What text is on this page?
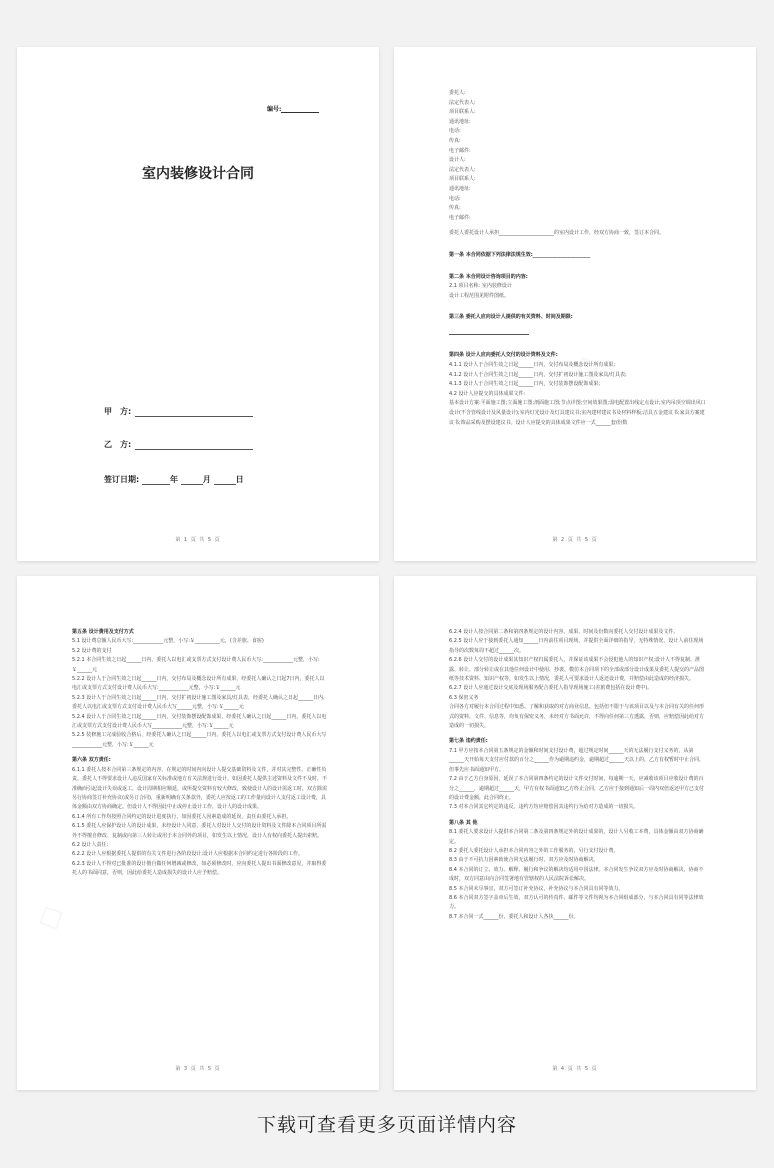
编号:
室内装修设计合同
甲　方:
乙　方:
签订日期:	年	月	日
第 1 页 共 5 页

委托人:

法定代表人:

项目联系人:

通讯地址:

电话:

传真:

电子邮件:

设计人:

法定代表人:

项目联系人:

通讯地址:

电话:

传真:

电子邮件:

委托人委托设计人承担______________________的室内设计工作，经双方协商一致，签订本合同。

第一条 本合同依据下列法律法规生效:_______________________

第二条 本合同设计咨询项目的内容:

2.1 项目名称: 室内装修设计

设计工程范围见附件图纸。

第三条 委托人应向设计人提供的有关资料、时间及期限:

第四条 设计人应向委托人交付的设计资料及文件:

4.1.1 设计人于合同生效之日起______日内，交付布局及概念设计所有成果;

4.1.2 设计人于合同生效之日起______日内，交付扩初设计施工图及家具/灯具表;

4.1.3 设计人于合同生效之日起______日内，交付装饰摆设配饰成果;

4.2 设计人应提交的具体成果文件:

基本设计方案:平面施工图;立面施工图;剖面施工图;节点详图;空间效果图;弱电配置出线定点设计;室内吊顶空调出风口设计(不含管线设计及风量设计);室内灯光设计及灯具建议书;室内建材建议书及材料样板;洁具五金建议书;家具方案建议书;饰品采购及摆设建议书。设计人应提交的具体成果文件应一式______套/份数

第 2 页 共 5 页

第五条 设计费用及支付方式

5.1 设计费总额人民币大写:____________元整，小写:￥__________元，(含差旅、食宿)

5.2 设计费的支付

5.2.1 本合同生效之日起______日内，委托人以电汇或支票方式支付设计费人民币大写:____________元整，小写:￥______元

5.2.2 设计人于合同生效之日起______日内，交付布局及概念设计所有成果，经委托人确认之日起7日内，委托人以电汇或支票方式支付设计费人民币大写:____________元整，小写:￥______元

5.2.3 设计人于合同生效之日起______日内，交付扩初设计施工图及家具/灯具表，经委托人确认之日起______日内，委托人以电汇或支票方式支付设计费人民币大写______元整，小写:￥______元

5.2.4 设计人于合同生效之日起______日内，交付装饰摆设配饰成果，经委托人确认之日起______日内，委托人以电汇或支票方式支付设计费人民币大写____________元整，小写:￥______元

5.2.5 装修施工完成验收合格后，经委托人确认之日起______日内，委托人以电汇或支票方式支付设计费人民币大写____________元整，小写:￥______元

第六条 双方责任:

6.1.1 委托人按本合同第三条规定的内容，在规定的时间内向设计人提交基础资料及文件，并对其完整性、正确性负责。委托人不得要求设计人违反国家有关标准或地方有关法规进行设计。如因委托人提供主述资料及文件不及时，不准确而引起设计失误或返工，设计周期相应顺延，或所提交资料有较大修改，致使设计人的设计需返工时，双方除需另行协商签订补充协议(或另订合同)，重新明确有关条款外，委托人应按返工的工作量向设计人支付返工设计费，具体金额由双方协商确定。但设计人不得因此中止或停止设计工作，设计人的设计成果。

6.1.4 所有工作均按照合同约定的设计进度执行，如因委托人因素造成的延误，责任由委托人承担。

6.1.5 委托人应保护设计人的设计成果，未经设计人同意，委托人对设计人交付的设计资料及文件除本合同项目所需外不得擅自修改、复制或向第三人转让或用于本合同外的项目，如发生以上情况，设计人有权向委托人提出索赔。

6.2 设计人责任:

6.2.2 设计人应根据委托人提供的有关文件进行各阶段设计;设计人应根据本合同约定进行各阶段的工作。

6.2.3 设计人不得对已批准的设计擅自做任何增减或修改，如必须修改时，应向委托人提出书面修改意见，并取得委托人的书面同意，否则，因此给委托人造成损失的设计人应予赔偿。

第 3 页 共 5 页

6.2.4 设计人按合同第二条和第四条规定的设计内容、成果、时间及份数向委托人交付设计成果及文件。

6.2.5 设计人应于接到委托人通知______日内前往项目现场，并提供全面详细的指导，无特殊情况，设计人前往现场指导的次数每周不超过______次。

6.2.6 设计人交付的设计成果其知识产权归属委托人，并保证该成果不会侵犯他人的知识产权;设计人不得复制、泄露、转让、部分转让或在其他任何设计中使用、抄袭、模仿本合同项下的全部或部分设计成果及委托人提交的产品图纸等技术资料、知识产权等，如发生以上情况，委托人可要求设计人返还设计费，并赔偿由此造成的经济损失。

6.2.7 设计人应通过设计交底及现场服务配合委托人指导现场施工(差旅费包括在设计费中)。

6.3 保密义务

合同各方对履行本合同过程中知悉、了解和获取的对方商业信息，包括但不限于与该项目以及与本合同有关的任何形式的资料、文件、信息等，均负有保密义务，未经对方书面允许，不得向任何第三方透露，否则，应赔偿因此给对方造成的一切损失。

第七条 违约责任:

7.1 甲方应按本合同第五条规定的金额和时间支付设计费，超过规定时间______天的无法履行支付义务的，从第______天开始每天支付应付款的百分之______作为逾期违约金，逾期超过______天以上的，乙方有权暂时中止合同，但事先应书面通知甲方。

7.2 由于乙方自身原因，延误了本合同第四条约定的设计文件交付时间，每逾期一天，应减收该项目应收设计费的百分之______，逾期超过______天，甲方有权书面通知乙方终止合同，乙方应于接到通知后一周内双倍返还甲方已支付的设计费金额，此合同终止。

7.3 对本合同其它约定的违反，违约方均应赔偿因其违约行为给对方造成的一切损失。

第八条 其 他

8.1 委托人要求设计人提供本合同第二条及第四条规定外的设计成果的，设计人另收工本费，具体金额由双方协商确定。

8.2 委托人委托设计人承担本合同内容之外的工作服务的，另行支付设计费。

8.3 由于不可抗力因素致使合同无法履行时，双方应及时协商解决。

8.4 本合同的订立、效力、解释、履行和争议的解决均适用中国法律。本合同发生争议双方应及时协商解决，协商不成时，双方同意由向合同签署地有管辖权的人民法院诉讼解决。

8.5 本合同未尽事宜，双方可签订补充协议，补充协议与本合同具有同等效力。

8.6 本合同双方签字盖章后生效，双方认可的传真件、邮件等文件均视为本合同组成部分，与本合同具有同等法律效力。

8.7 本合同一式______份，委托人和设计人各执______份。

第 4 页 共 5 页
下载可查看更多页面详情内容
